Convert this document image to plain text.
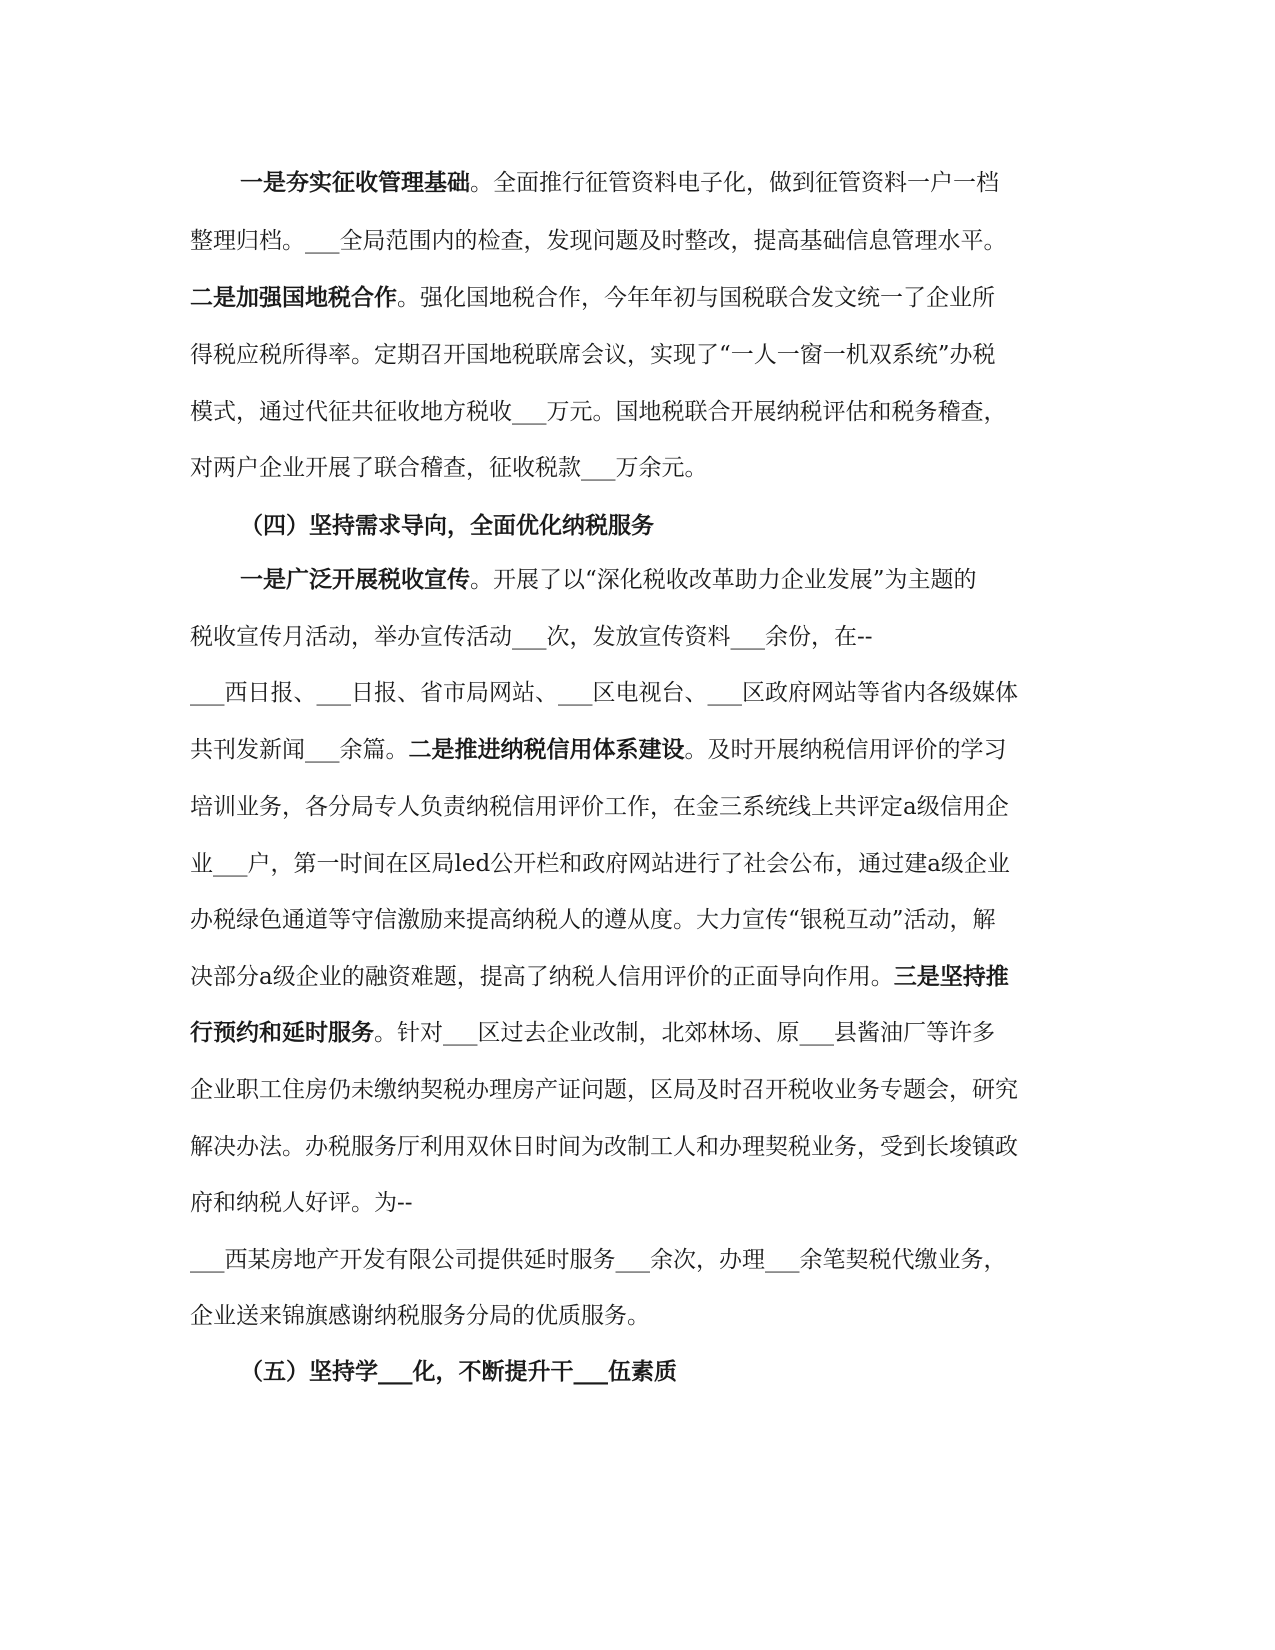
一是夯实征收管理基础。全面推行征管资料电子化，做到征管资料一户一档
整理归档。___全局范围内的检查，发现问题及时整改，提高基础信息管理水平。
二是加强国地税合作。强化国地税合作，今年年初与国税联合发文统一了企业所
得税应税所得率。定期召开国地税联席会议，实现了“一人一窗一机双系统”办税
模式，通过代征共征收地方税收___万元。国地税联合开展纳税评估和税务稽查，
对两户企业开展了联合稽查，征收税款___万余元。
（四）坚持需求导向，全面优化纳税服务
一是广泛开展税收宣传。开展了以“深化税收改革助力企业发展”为主题的
税收宣传月活动，举办宣传活动___次，发放宣传资料___余份，在--
___西日报、___日报、省市局网站、___区电视台、___区政府网站等省内各级媒体
共刊发新闻___余篇。二是推进纳税信用体系建设。及时开展纳税信用评价的学习
培训业务，各分局专人负责纳税信用评价工作，在金三系统线上共评定a级信用企
业___户，第一时间在区局led公开栏和政府网站进行了社会公布，通过建a级企业
办税绿色通道等守信激励来提高纳税人的遵从度。大力宣传“银税互动”活动，解
决部分a级企业的融资难题，提高了纳税人信用评价的正面导向作用。三是坚持推
行预约和延时服务。针对___区过去企业改制，北郊林场、原___县酱油厂等许多
企业职工住房仍未缴纳契税办理房产证问题，区局及时召开税收业务专题会，研究
解决办法。办税服务厅利用双休日时间为改制工人和办理契税业务，受到长埈镇政
府和纳税人好评。为--
___西某房地产开发有限公司提供延时服务___余次，办理___余笔契税代缴业务，
企业送来锦旗感谢纳税服务分局的优质服务。
（五）坚持学___化，不断提升干___伍素质
